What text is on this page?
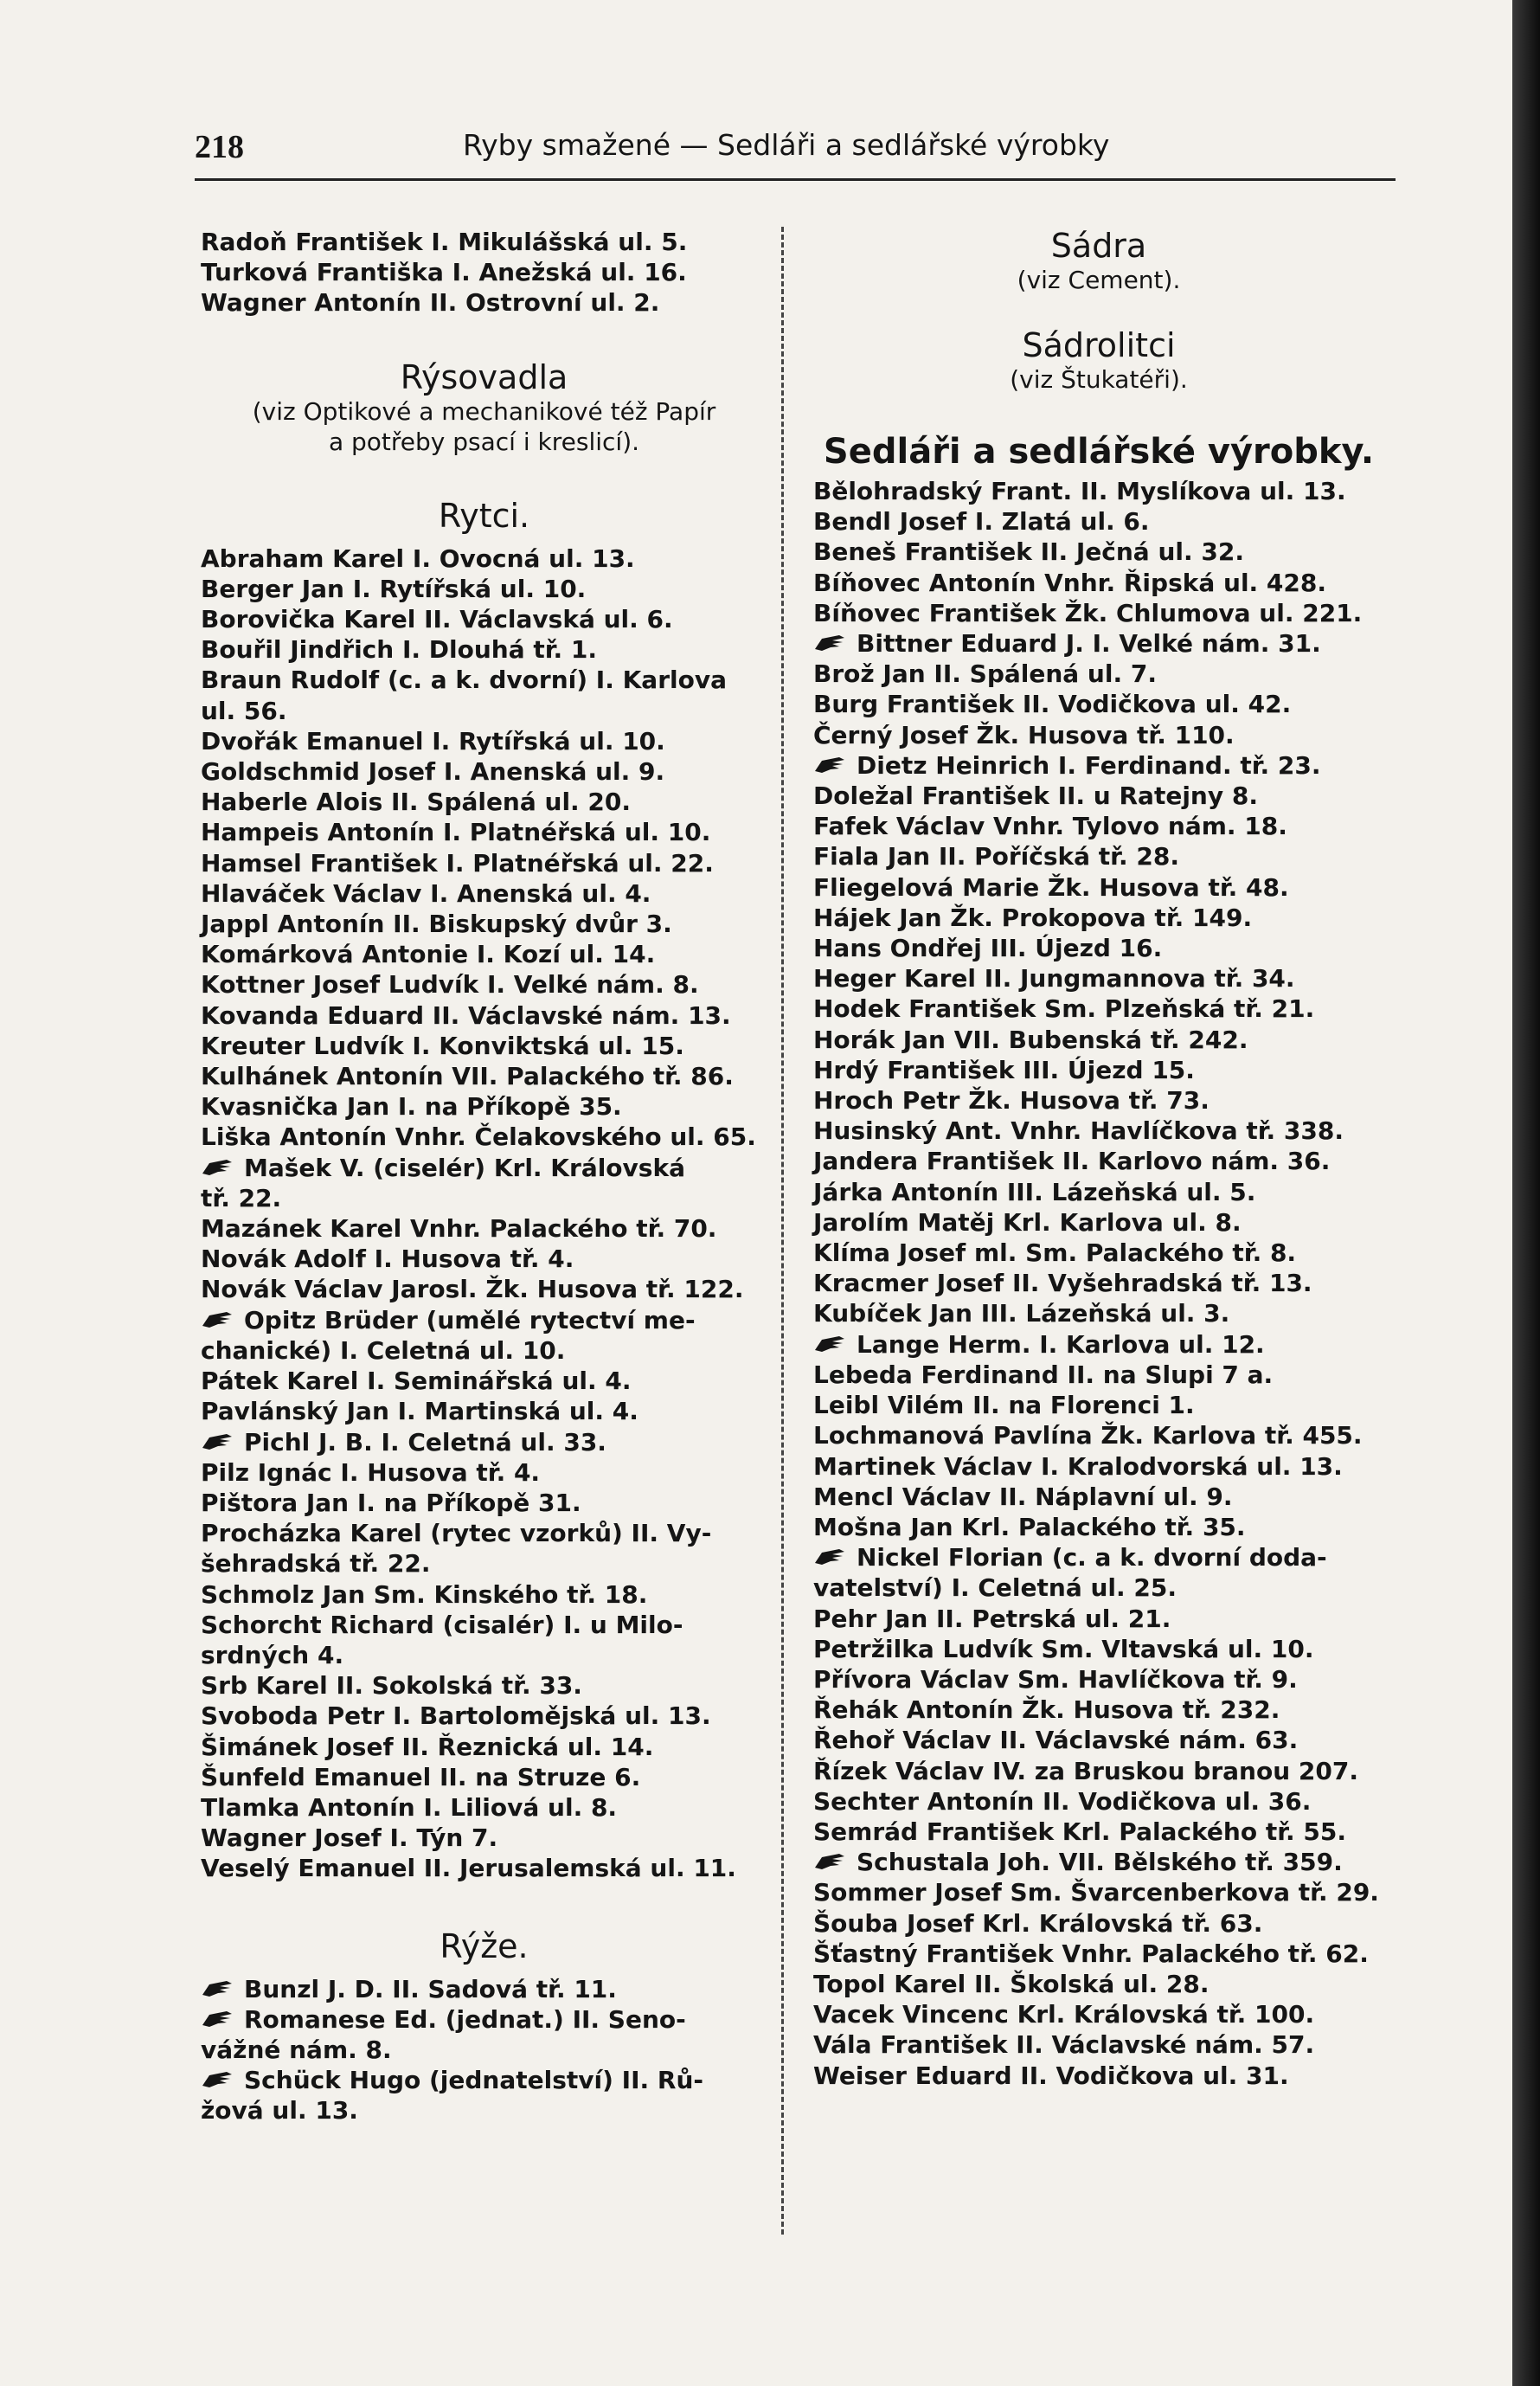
218	Ryby smažené — Sedláři a sedlářské výrobky

Radoň František I. Mikulášská ul. 5.

Turková Františka I. Anežská ul. 16.

Wagner Antonín II. Ostrovní ul. 2.

Rýsovadla

(viz Optikové a mechanikové též Papír

a potřeby psací i kreslicí).

Rytci.

Abraham Karel I. Ovocná ul. 13.

Berger Jan I. Rytířská ul. 10.

Borovička Karel II. Václavská ul. 6.

Bouřil Jindřich I. Dlouhá tř. 1.

Braun Rudolf (c. a k. dvorní) I. Karlova

ul. 56.

Dvořák Emanuel I. Rytířská ul. 10.

Goldschmid Josef I. Anenská ul. 9.

Haberle Alois II. Spálená ul. 20.

Hampeis Antonín I. Platnéřská ul. 10.

Hamsel František I. Platnéřská ul. 22.

Hlaváček Václav I. Anenská ul. 4.

Jappl Antonín II. Biskupský dvůr 3.

Komárková Antonie I. Kozí ul. 14.

Kottner Josef Ludvík I. Velké nám. 8.

Kovanda Eduard II. Václavské nám. 13.

Kreuter Ludvík I. Konviktská ul. 15.

Kulhánek Antonín VII. Palackého tř. 86.

Kvasnička Jan I. na Příkopě 35.

Liška Antonín Vnhr. Čelakovského ul. 65.

Mašek V. (ciselér) Krl. Královská

tř. 22.

Mazánek Karel Vnhr. Palackého tř. 70.

Novák Adolf I. Husova tř. 4.

Novák Václav Jarosl. Žk. Husova tř. 122.

Opitz Brüder (umělé rytectví me-

chanické) I. Celetná ul. 10.

Pátek Karel I. Seminářská ul. 4.

Pavlánský Jan I. Martinská ul. 4.

Pichl J. B. I. Celetná ul. 33.

Pilz Ignác I. Husova tř. 4.

Pištora Jan I. na Příkopě 31.

Procházka Karel (rytec vzorků) II. Vy-

šehradská tř. 22.

Schmolz Jan Sm. Kinského tř. 18.

Schorcht Richard (cisalér) I. u Milo-

srdných 4.

Srb Karel II. Sokolská tř. 33.

Svoboda Petr I. Bartolomějská ul. 13.

Šimánek Josef II. Řeznická ul. 14.

Šunfeld Emanuel II. na Struze 6.

Tlamka Antonín I. Liliová ul. 8.

Wagner Josef I. Týn 7.

Veselý Emanuel II. Jerusalemská ul. 11.

Rýže.

Bunzl J. D. II. Sadová tř. 11.

Romanese Ed. (jednat.) II. Seno-

vážné nám. 8.

Schück Hugo (jednatelství) II. Rů-

žová ul. 13.

Sádra

(viz Cement).

Sádrolitci

(viz Štukatéři).

Sedláři a sedlářské výrobky.

Bělohradský Frant. II. Myslíkova ul. 13.

Bendl Josef I. Zlatá ul. 6.

Beneš František II. Ječná ul. 32.

Bíňovec Antonín Vnhr. Řipská ul. 428.

Bíňovec František Žk. Chlumova ul. 221.

Bittner Eduard J. I. Velké nám. 31.

Brož Jan II. Spálená ul. 7.

Burg František II. Vodičkova ul. 42.

Černý Josef Žk. Husova tř. 110.

Dietz Heinrich I. Ferdinand. tř. 23.

Doležal František II. u Ratejny 8.

Fafek Václav Vnhr. Tylovo nám. 18.

Fiala Jan II. Poříčská tř. 28.

Fliegelová Marie Žk. Husova tř. 48.

Hájek Jan Žk. Prokopova tř. 149.

Hans Ondřej III. Újezd 16.

Heger Karel II. Jungmannova tř. 34.

Hodek František Sm. Plzeňská tř. 21.

Horák Jan VII. Bubenská tř. 242.

Hrdý František III. Újezd 15.

Hroch Petr Žk. Husova tř. 73.

Husinský Ant. Vnhr. Havlíčkova tř. 338.

Jandera František II. Karlovo nám. 36.

Járka Antonín III. Lázeňská ul. 5.

Jarolím Matěj Krl. Karlova ul. 8.

Klíma Josef ml. Sm. Palackého tř. 8.

Kracmer Josef II. Vyšehradská tř. 13.

Kubíček Jan III. Lázeňská ul. 3.

Lange Herm. I. Karlova ul. 12.

Lebeda Ferdinand II. na Slupi 7 a.

Leibl Vilém II. na Florenci 1.

Lochmanová Pavlína Žk. Karlova tř. 455.

Martinek Václav I. Kralodvorská ul. 13.

Mencl Václav II. Náplavní ul. 9.

Mošna Jan Krl. Palackého tř. 35.

Nickel Florian (c. a k. dvorní doda-

vatelství) I. Celetná ul. 25.

Pehr Jan II. Petrská ul. 21.

Petržilka Ludvík Sm. Vltavská ul. 10.

Přívora Václav Sm. Havlíčkova tř. 9.

Řehák Antonín Žk. Husova tř. 232.

Řehoř Václav II. Václavské nám. 63.

Řízek Václav IV. za Bruskou branou 207.

Sechter Antonín II. Vodičkova ul. 36.

Semrád František Krl. Palackého tř. 55.

Schustala Joh. VII. Bělského tř. 359.

Sommer Josef Sm. Švarcenberkova tř. 29.

Šouba Josef Krl. Královská tř. 63.

Šťastný František Vnhr. Palackého tř. 62.

Topol Karel II. Školská ul. 28.

Vacek Vincenc Krl. Královská tř. 100.

Vála František II. Václavské nám. 57.

Weiser Eduard II. Vodičkova ul. 31.
